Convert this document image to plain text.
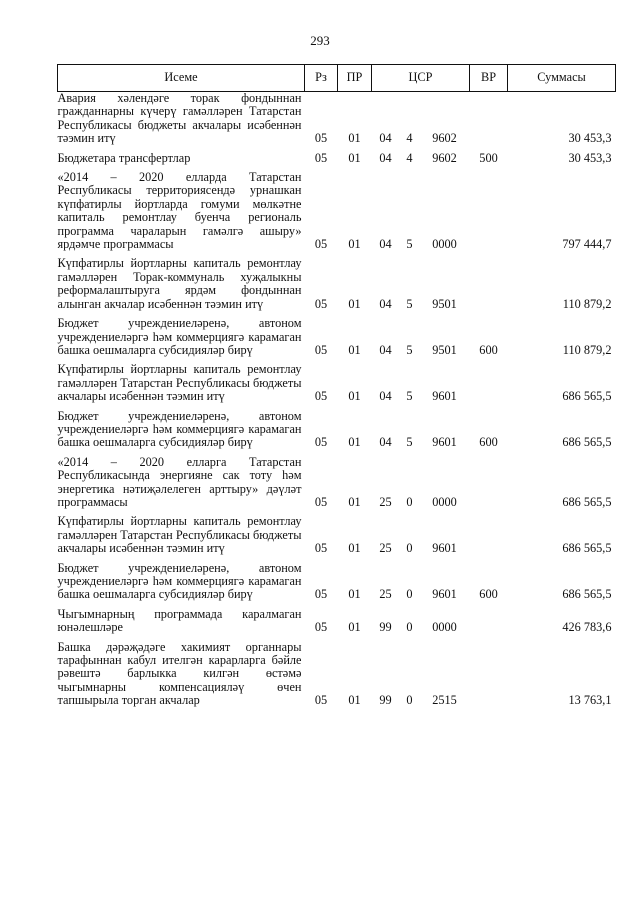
293
Исеме	Рз	ПР	ЦСР			ВР	Суммасы
Авария хәлендәге торак фондыннан гражданнарны күчерү гамәлләрен Татарстан Республикасы бюджеты акчалары исәбеннән тәэмин итү	05	01	04	4	9602		30 453,3
Бюджетара трансфертлар	05	01	04	4	9602	500	30 453,3
«2014 – 2020 елларда Татарстан Республикасы территориясендә урнашкан күпфатирлы йортларда гомуми мөлкәтне капиталь ремонтлау буенча региональ программа чараларын гамәлгә ашыру» ярдәмче программасы	05	01	04	5	0000		797 444,7
Күпфатирлы йортларны капиталь ремонтлау гамәлләрен Торак-коммуналь хуҗалыкны реформалаштыруга ярдәм фондыннан алынган акчалар исәбеннән тәэмин итү	05	01	04	5	9501		110 879,2
Бюджет учреждениеләренә, автоном учреждениеләргә һәм коммерциягә карамаган башка оешмаларга субсидияләр бирү	05	01	04	5	9501	600	110 879,2
Күпфатирлы йортларны капиталь ремонтлау гамәлләрен Татарстан Республикасы бюджеты акчалары исәбеннән тәэмин итү	05	01	04	5	9601		686 565,5
Бюджет учреждениеләренә, автоном учреждениеләргә һәм коммерциягә карамаган башка оешмаларга субсидияләр бирү	05	01	04	5	9601	600	686 565,5
«2014 – 2020 елларга Татарстан Республикасында энергияне сак тоту һәм энергетика нәтиҗәлелеген арттыру» дәүләт программасы	05	01	25	0	0000		686 565,5
Күпфатирлы йортларны капиталь ремонтлау гамәлләрен Татарстан Республикасы бюджеты акчалары исәбеннән тәэмин итү	05	01	25	0	9601		686 565,5
Бюджет учреждениеләренә, автоном учреждениеләргә һәм коммерциягә карамаган башка оешмаларга субсидияләр бирү	05	01	25	0	9601	600	686 565,5
Чыгымнарның программада каралмаган юнәлешләре	05	01	99	0	0000		426 783,6
Башка дәрәҗәдәге хакимият органнары тарафыннан кабул ителгән карарларга бәйле рәвештә барлыкка килгән өстәмә чыгымнарны компенсацияләү өчен тапшырыла торган акчалар	05	01	99	0	2515		13 763,1
